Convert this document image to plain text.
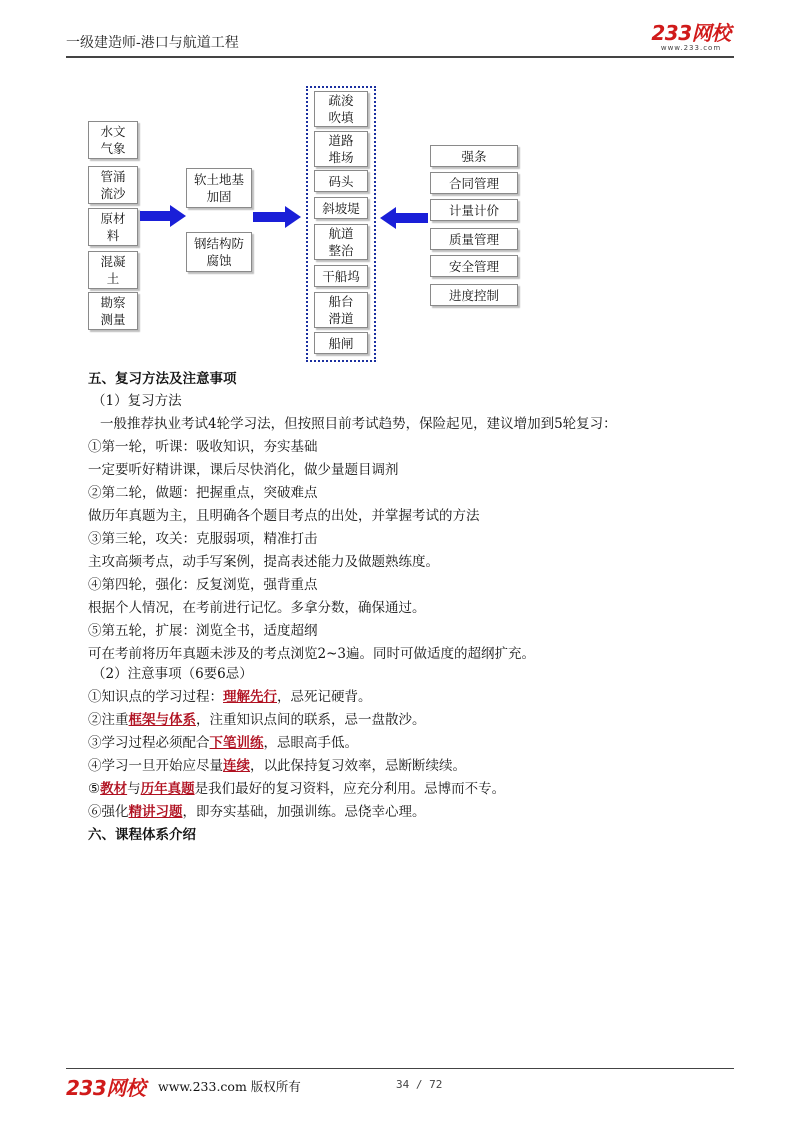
一级建造师-港口与航道工程	233网校
www.233.com
水文
气象
管涌
流沙
原材
料
混凝
土
勘察
测量
软土地基
加固
钢结构防
腐蚀
疏浚
吹填
道路
堆场
码头
斜坡堤
航道
整治
干船坞
船台
滑道
船闸
强条
合同管理
计量计价
质量管理
安全管理
进度控制
五、复习方法及注意事项
（1）复习方法
一般推荐执业考试4轮学习法，但按照目前考试趋势，保险起见，建议增加到5轮复习：
①第一轮，听课：吸收知识，夯实基础
一定要听好精讲课，课后尽快消化，做少量题目调剂
②第二轮，做题：把握重点，突破难点
做历年真题为主，且明确各个题目考点的出处，并掌握考试的方法
③第三轮，攻关：克服弱项，精准打击
主攻高频考点，动手写案例，提高表述能力及做题熟练度。
④第四轮，强化：反复浏览，强背重点
根据个人情况，在考前进行记忆。多拿分数，确保通过。
⑤第五轮，扩展：浏览全书，适度超纲
可在考前将历年真题未涉及的考点浏览2~3遍。同时可做适度的超纲扩充。
（2）注意事项（6要6忌）
①知识点的学习过程：理解先行，忌死记硬背。
②注重框架与体系，注重知识点间的联系，忌一盘散沙。
③学习过程必须配合下笔训练，忌眼高手低。
④学习一旦开始应尽量连续，以此保持复习效率，忌断断续续。
⑤教材与历年真题是我们最好的复习资料，应充分利用。忌博而不专。
⑥强化精讲习题，即夯实基础，加强训练。忌侥幸心理。
六、课程体系介绍
233网校 www.233.com 版权所有	34 / 72
